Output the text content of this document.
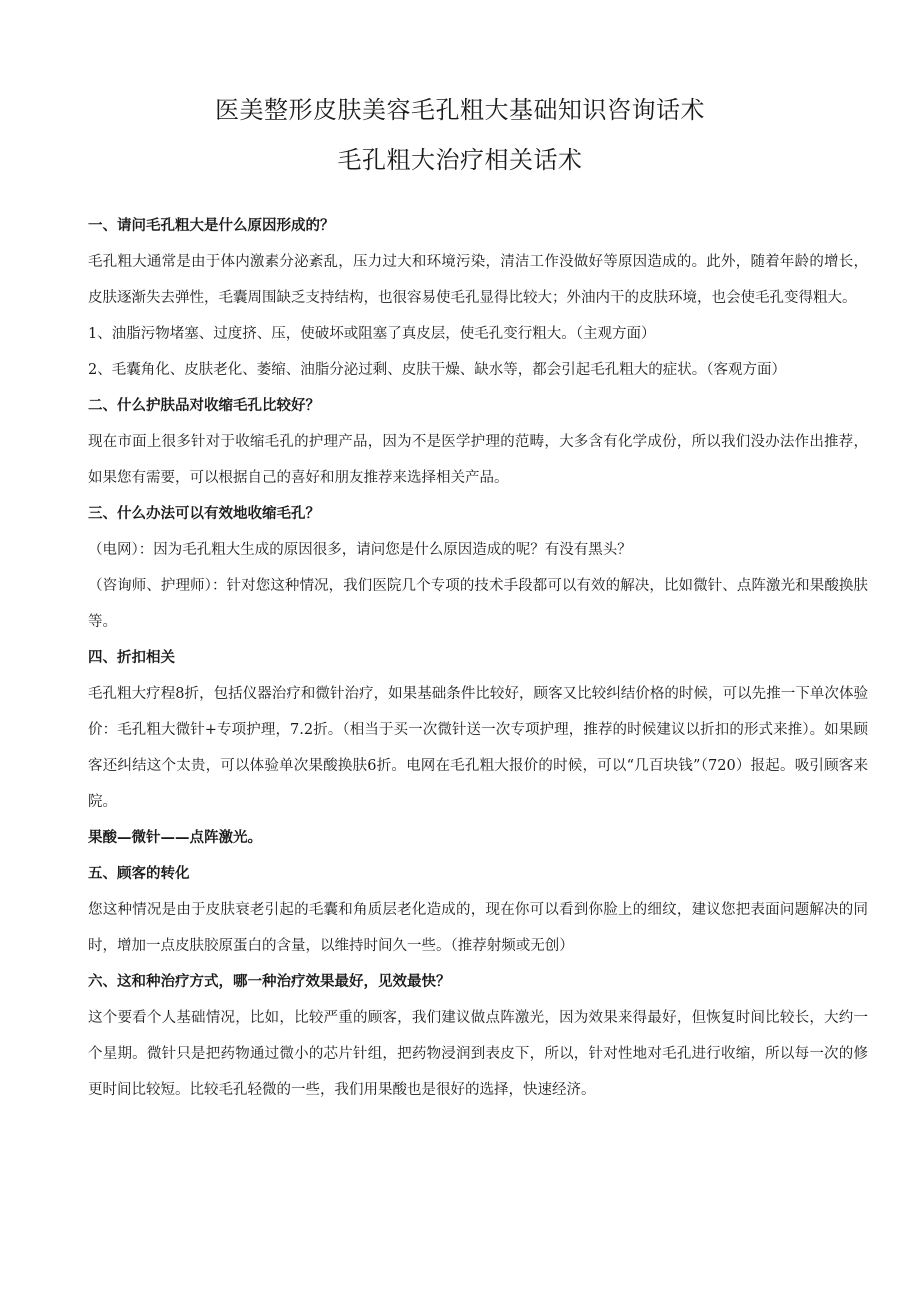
医美整形皮肤美容毛孔粗大基础知识咨询话术
毛孔粗大治疗相关话术

一、请问毛孔粗大是什么原因形成的？

毛孔粗大通常是由于体内激素分泌紊乱，压力过大和环境污染，清洁工作没做好等原因造成的。此外，随着年龄的增长，皮肤逐渐失去弹性，毛囊周围缺乏支持结构，也很容易使毛孔显得比较大；外油内干的皮肤环境，也会使毛孔变得粗大。

1、油脂污物堵塞、过度挤、压，使破坏或阻塞了真皮层，使毛孔变行粗大。（主观方面）

2、毛囊角化、皮肤老化、萎缩、油脂分泌过剩、皮肤干燥、缺水等，都会引起毛孔粗大的症状。（客观方面）

二、什么护肤品对收缩毛孔比较好？

现在市面上很多针对于收缩毛孔的护理产品，因为不是医学护理的范畴，大多含有化学成份，所以我们没办法作出推荐，如果您有需要，可以根据自己的喜好和朋友推荐来选择相关产品。

三、什么办法可以有效地收缩毛孔？

（电网）：因为毛孔粗大生成的原因很多，请问您是什么原因造成的呢？有没有黑头？

（咨询师、护理师）：针对您这种情况，我们医院几个专项的技术手段都可以有效的解决，比如微针、点阵激光和果酸换肤等。

四、折扣相关

毛孔粗大疗程8折，包括仪器治疗和微针治疗，如果基础条件比较好，顾客又比较纠结价格的时候，可以先推一下单次体验价：毛孔粗大微针+专项护理，7.2折。（相当于买一次微针送一次专项护理，推荐的时候建议以折扣的形式来推）。如果顾客还纠结这个太贵，可以体验单次果酸换肤6折。电网在毛孔粗大报价的时候，可以“几百块钱”（720）报起。吸引顾客来院。

果酸—微针——点阵激光。

五、顾客的转化

您这种情况是由于皮肤衰老引起的毛囊和角质层老化造成的，现在你可以看到你脸上的细纹，建议您把表面问题解决的同时，增加一点皮肤胶原蛋白的含量，以维持时间久一些。（推荐射频或无创）

六、这和种治疗方式，哪一种治疗效果最好，见效最快？

这个要看个人基础情况，比如，比较严重的顾客，我们建议做点阵激光，因为效果来得最好，但恢复时间比较长，大约一个星期。微针只是把药物通过微小的芯片针组，把药物浸润到表皮下，所以，针对性地对毛孔进行收缩，所以每一次的修更时间比较短。比较毛孔轻微的一些，我们用果酸也是很好的选择，快速经济。
